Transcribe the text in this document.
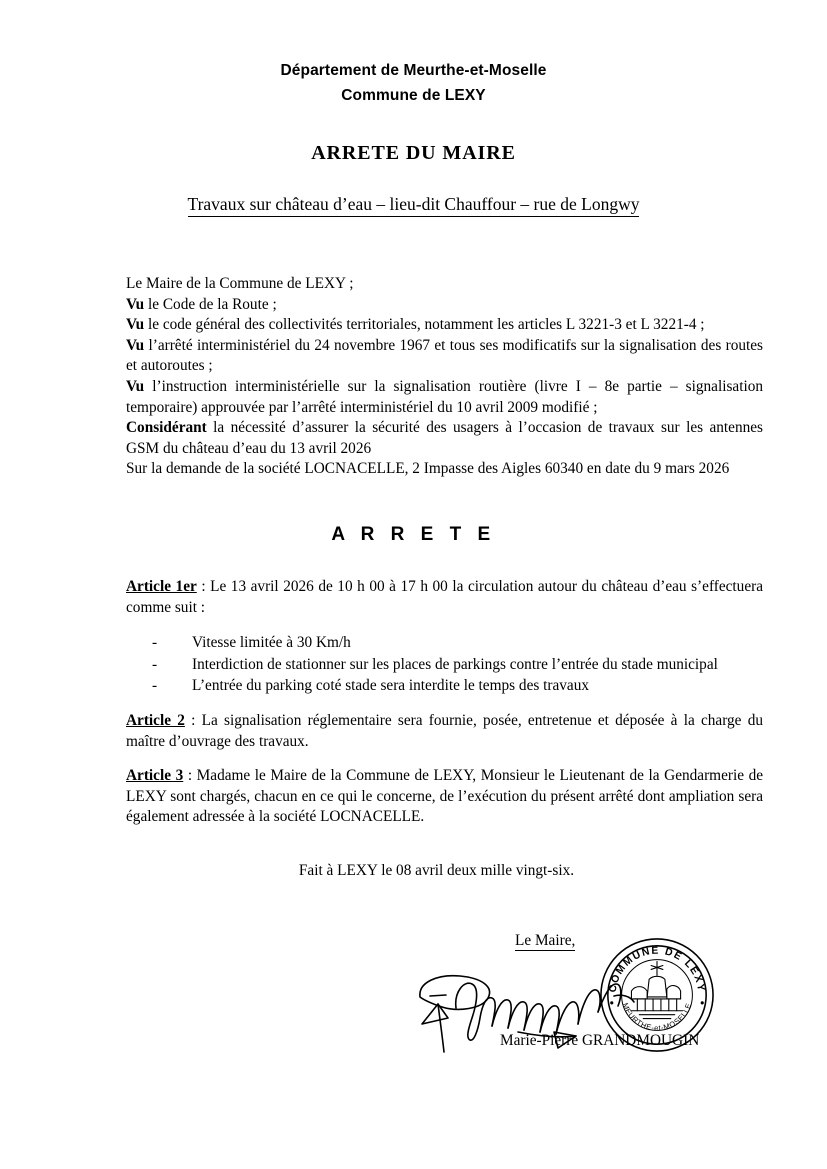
Département de Meurthe-et-Moselle
Commune de LEXY
ARRETE DU MAIRE
Travaux sur château d’eau – lieu-dit Chauffour – rue de Longwy

Le Maire de la Commune de LEXY ;

Vu le Code de la Route ;

Vu le code général des collectivités territoriales, notamment les articles L 3221-3 et L 3221-4 ;

Vu l’arrêté interministériel du 24 novembre 1967 et tous ses modificatifs sur la signalisation des routes et autoroutes ;

Vu l’instruction interministérielle sur la signalisation routière (livre I – 8e partie – signalisation temporaire) approuvée par l’arrêté interministériel du 10 avril 2009 modifié ;

Considérant la nécessité d’assurer la sécurité des usagers à l’occasion de travaux sur les antennes GSM du château d’eau du 13 avril 2026

Sur la demande de la société LOCNACELLE, 2 Impasse des Aigles 60340 en date du 9 mars 2026

A R R E T E
Article 1er : Le 13 avril 2026 de 10 h 00 à 17 h 00 la circulation autour du château d’eau s’effectuera comme suit :
- Vitesse limitée à 30 Km/h
- Interdiction de stationner sur les places de parkings contre l’entrée du stade municipal
- L’entrée du parking coté stade sera interdite le temps des travaux
Article 2 : La signalisation réglementaire sera fournie, posée, entretenue et déposée à la charge du maître d’ouvrage des travaux.
Article 3 : Madame le Maire de la Commune de LEXY, Monsieur le Lieutenant de la Gendarmerie de LEXY sont chargés, chacun en ce qui le concerne, de l’exécution du présent arrêté dont ampliation sera également adressée à la société LOCNACELLE.
Fait à LEXY le 08 avril deux mille vingt-six.
Le Maire,
COMMUNE DE LEXY
MEURTHE-et-MOSELLE
Marie-Pierre GRANDMOUGIN
